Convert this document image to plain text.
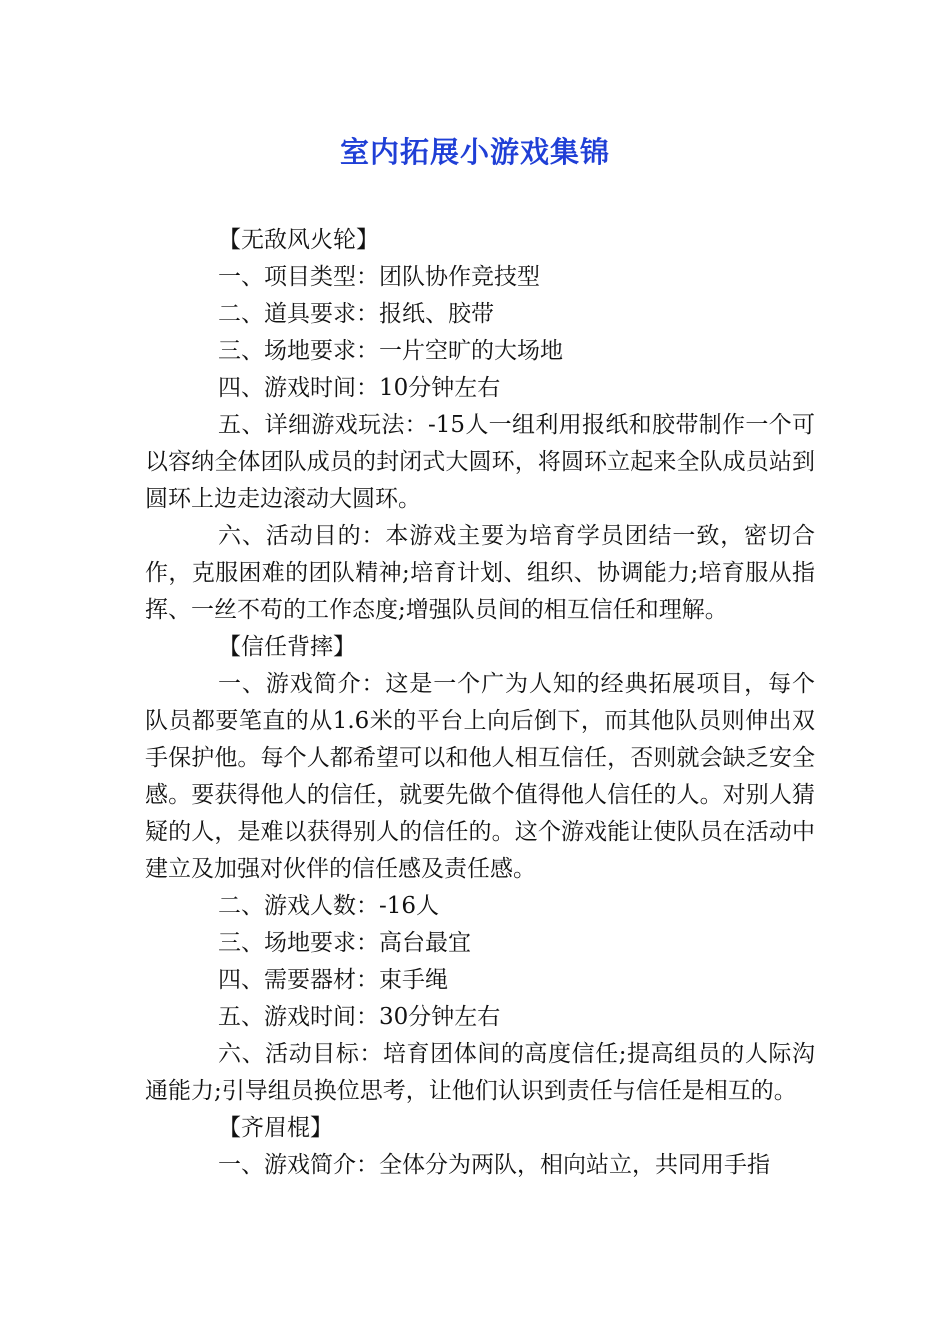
室内拓展小游戏集锦

【无敌风火轮】

一、项目类型：团队协作竞技型

二、道具要求：报纸、胶带

三、场地要求：一片空旷的大场地

四、游戏时间：10分钟左右

五、详细游戏玩法：-15人一组利用报纸和胶带制作一个可以容纳全体团队成员的封闭式大圆环，将圆环立起来全队成员站到圆环上边走边滚动大圆环。

六、活动目的：本游戏主要为培育学员团结一致，密切合作，克服困难的团队精神;培育计划、组织、协调能力;培育服从指挥、一丝不苟的工作态度;增强队员间的相互信任和理解。

【信任背摔】

一、游戏简介：这是一个广为人知的经典拓展项目，每个队员都要笔直的从1.6米的平台上向后倒下，而其他队员则伸出双手保护他。每个人都希望可以和他人相互信任，否则就会缺乏安全感。要获得他人的信任，就要先做个值得他人信任的人。对别人猜疑的人，是难以获得别人的信任的。这个游戏能让使队员在活动中建立及加强对伙伴的信任感及责任感。

二、游戏人数：-16人

三、场地要求：高台最宜

四、需要器材：束手绳

五、游戏时间：30分钟左右

六、活动目标：培育团体间的高度信任;提高组员的人际沟通能力;引导组员换位思考，让他们认识到责任与信任是相互的。

【齐眉棍】

一、游戏简介：全体分为两队，相向站立，共同用手指
